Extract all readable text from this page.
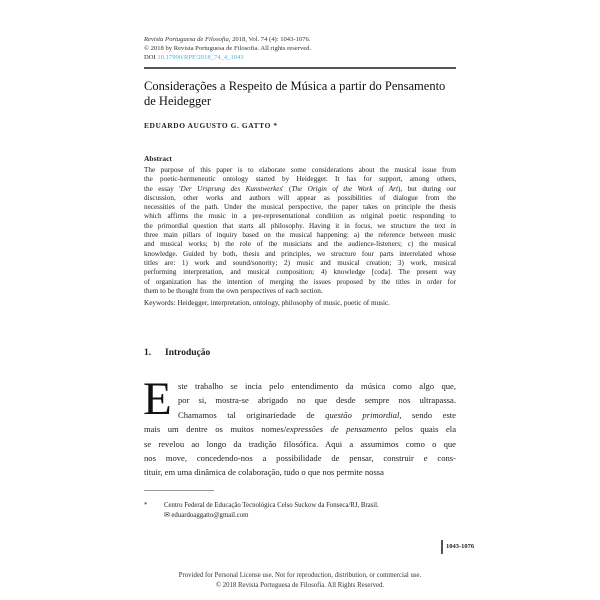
Revista Portuguesa de Filosofia, 2018, Vol. 74 (4): 1043-1076.
© 2018 by Revista Portuguesa de Filosofia. All rights reserved.
DOI 10.17990/RPF/2018_74_4_1043
Considerações a Respeito de Música a partir do Pensamento
de Heidegger
EDUARDO AUGUSTO G. GATTO *
Abstract
The purpose of this paper is to elaborate some considerations about the musical issue from
the poetic-hermeneutic ontology started by Heidegger. It has for support, among others,
the essay 'Der Ursprung des Kunstwerkes' (The Origin of the Work of Art), but during our
discussion, other works and authors will appear as possibilities of dialogue from the
necessities of the path. Under the musical perspective, the paper takes on principle the thesis
which affirms the music in a pre-representational condition as original poetic responding to
the primordial question that starts all philosophy. Having it in focus, we structure the text in
three main pillars of inquiry based on the musical happening: a) the reference between music
and musical works; b) the role of the musicians and the audience-listeners; c) the musical
knowledge. Guided by both, thesis and principles, we structure four parts interrelated whose
titles are: 1) work and sound/sonority; 2) music and musical creation; 3) work, musical
performing interpretation, and musical composition; 4) knowledge [coda]. The present way
of organization has the intention of merging the issues proposed by the titles in order for
them to be thought from the own perspectives of each section.
Keywords: Heidegger, interpretation, ontology, philosophy of music, poetic of music.
1. Introdução
E ste trabalho se incia pelo entendimento da música como algo que,
por si, mostra-se abrigado no que desde sempre nos ultrapassa.
Chamamos tal originariedade de questão primordial, sendo este
mais um dentre os muitos nomes/expressões de pensamento pelos quais ela
se revelou ao longo da tradição filosófica. Aqui a assumimos como o que
nos move, concedendo-nos a possibilidade de pensar, construir e cons-
tituir, em uma dinâmica de colaboração, tudo o que nos permite nossa
* Centro Federal de Educação Tecnológica Celso Suckow da Fonseca/RJ, Brasil.
✉ eduardoaggatto@gmail.com
1043-1076
Provided for Personal License use. Not for reproduction, distribution, or commercial use.
© 2018 Revista Portuguesa de Filosofia. All Rights Reserved.
